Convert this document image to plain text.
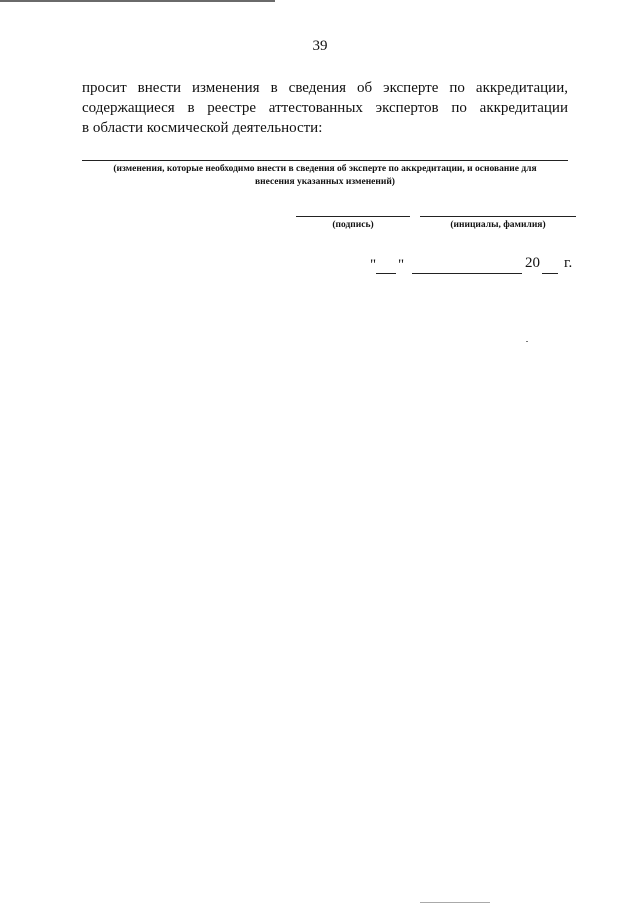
39
просит внести изменения в сведения об эксперте по аккредитации,
содержащиеся в реестре аттестованных экспертов по аккредитации
в области космической деятельности:
(изменения, которые необходимо внести в сведения об эксперте по аккредитации, и основание для
внесения указанных изменений)
(подпись)	(инициалы, фамилия)
" "	20 г.
